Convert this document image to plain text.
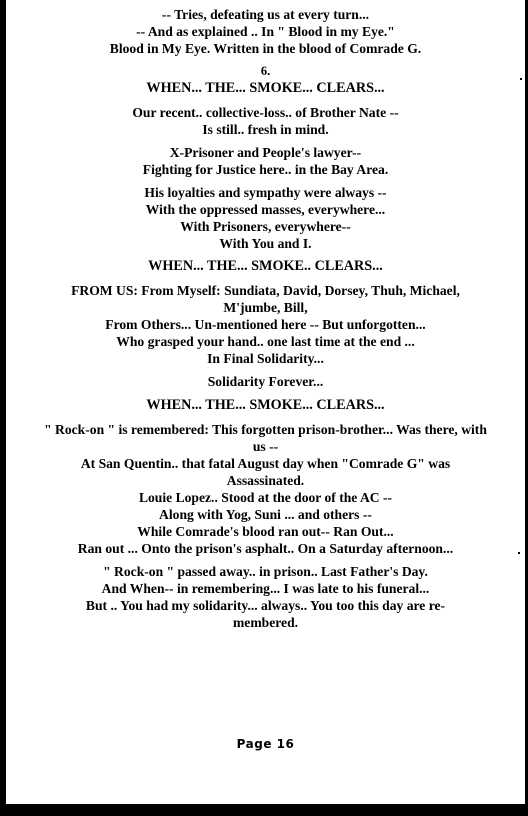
-- Tries, defeating us at every turn...
-- And as explained .. In " Blood in my Eye."
Blood in My Eye. Written in the blood of Comrade G.
6.
WHEN... THE... SMOKE... CLEARS...
Our recent.. collective-loss.. of Brother Nate --
Is still.. fresh in mind.
X-Prisoner and People's lawyer--
Fighting for Justice here.. in the Bay Area.
His loyalties and sympathy were always --
With the oppressed masses, everywhere...
With Prisoners, everywhere--
With You and I.
WHEN... THE... SMOKE.. CLEARS...
FROM US: From Myself: Sundiata, David, Dorsey, Thuh, Michael, M'jumbe, Bill,
From Others... Un-mentioned here -- But unforgotten...
Who grasped your hand.. one last time at the end ...
In Final Solidarity...
Solidarity Forever...
WHEN... THE... SMOKE... CLEARS...
" Rock-on " is remembered: This forgotten prison-brother... Was there, with us --
At San Quentin.. that fatal August day when "Comrade G" was Assassinated.
Louie Lopez.. Stood at the door of the AC --
Along with Yog, Suni ... and others --
While Comrade's blood ran out-- Ran Out...
Ran out ... Onto the prison's asphalt.. On a Saturday afternoon...
" Rock-on " passed away.. in prison.. Last Father's Day.
And When-- in remembering... I was late to his funeral...
But .. You had my solidarity... always.. You too this day are re-membered.
Page 16
